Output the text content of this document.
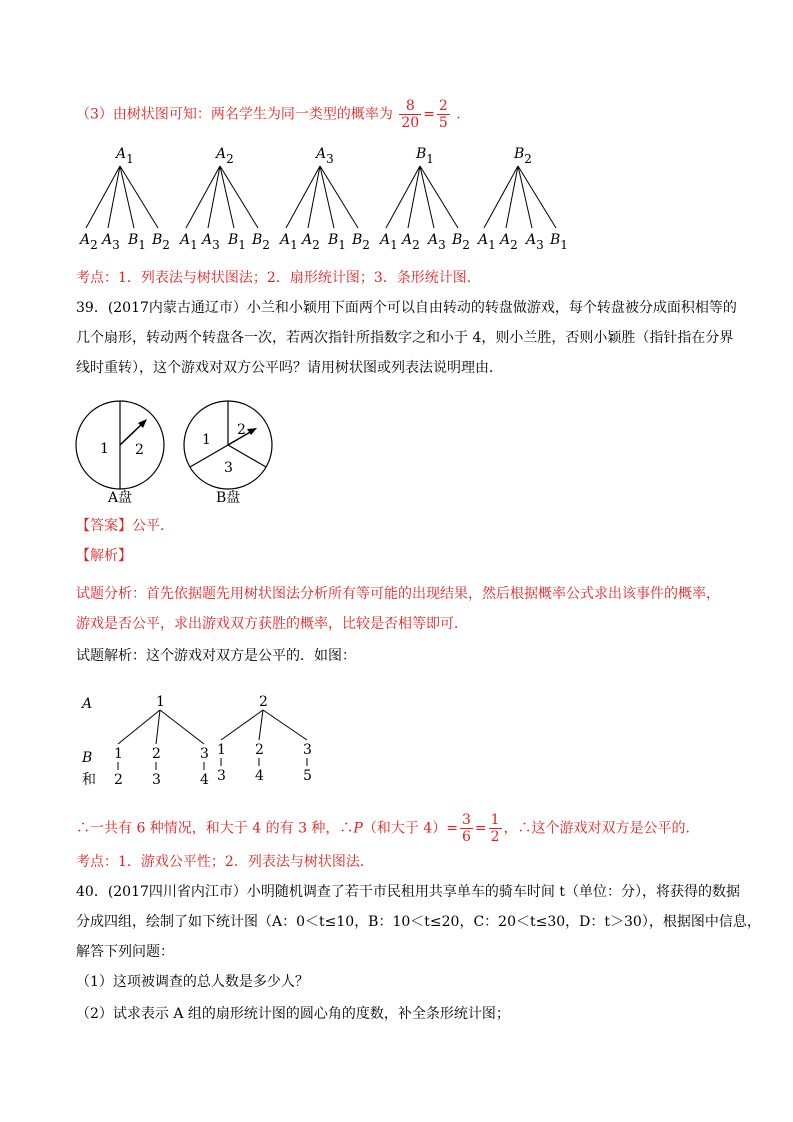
（3）由树状图可知：两名学生为同一类型的概率为 $\frac{8}{20} = \frac{2}{5}$ .
A1
A2 A3 B1 B2
A2
A1 A3 B1 B2
A3
A1 A2 B1 B2
B1
A1 A2 A3 B2
B2
A1 A2 A3 B1
考点：1．列表法与树状图法；2．扇形统计图；3．条形统计图．
39．(2017内蒙古通辽市）小兰和小颖用下面两个可以自由转动的转盘做游戏，每个转盘被分成面积相等的
几个扇形，转动两个转盘各一次，若两次指针所指数字之和小于 4，则小兰胜，否则小颖胜（指针指在分界
线时重转），这个游戏对双方公平吗？请用树状图或列表法说明理由．
1 2
A盘
1
2
3
B盘
【答案】公平．
【解析】
试题分析：首先依据题先用树状图法分析所有等可能的出现结果，然后根据概率公式求出该事件的概率，
游戏是否公平，求出游戏双方获胜的概率，比较是否相等即可．
试题解析：这个游戏对双方是公平的．如图：
A
B
和
1
1
2
2
3
3
4
2
1
3
2
4
3
5
∴一共有 6 种情况，和大于 4 的有 3 种，∴P（和大于 $4)= \frac{3}{6} = \frac{1}{2}$ ，∴这个游戏对双方是公平的．
考点：1．游戏公平性；2．列表法与树状图法．
40．(2017四川省内江市）小明随机调查了若干市民租用共享单车的骑车时间 t（单位：分），将获得的数据
分成四组，绘制了如下统计图（A：0＜t≤10，B：10＜t≤20，C：20＜t≤30，D：t＞30），根据图中信息，
解答下列问题：
（1）这项被调查的总人数是多少人？
（2）试求表示 A 组的扇形统计图的圆心角的度数，补全条形统计图；
